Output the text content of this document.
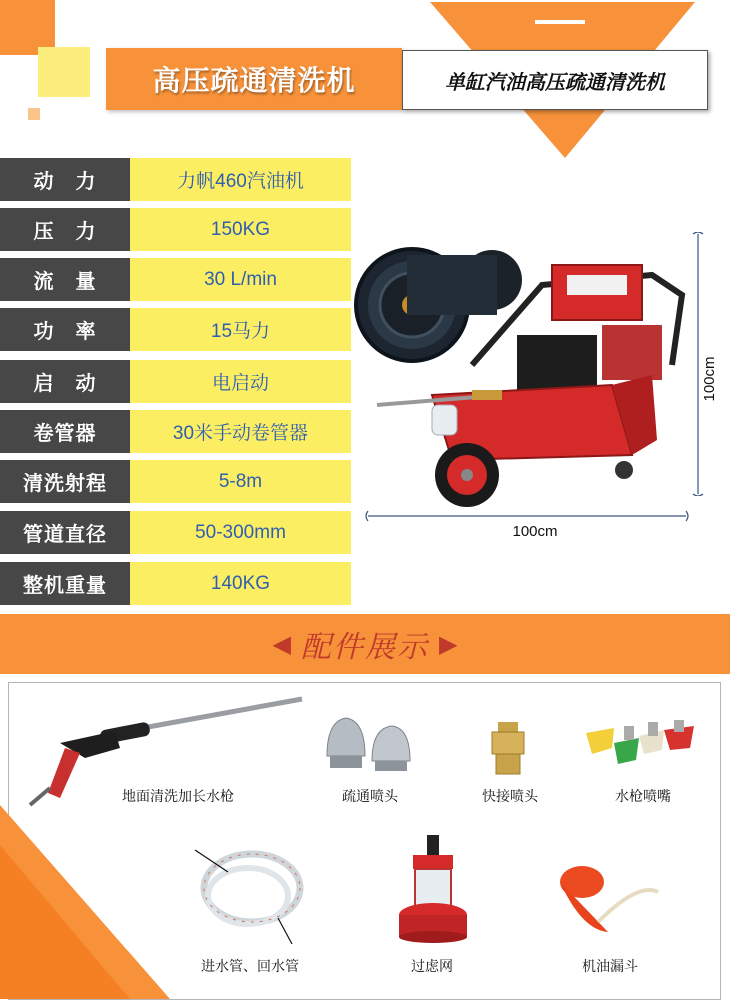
高压疏通清洗机	单缸汽油高压疏通清洗机
动　力	力帆460汽油机
压　力	150KG
流　量	30 L/min
功　率	15马力
启　动	电启动
卷管器	30米手动卷管器
清洗射程	5-8m
管道直径	50-300mm
整机重量	140KG
100cm
100cm
◀ 配件展示 ▶
地面清洗加长水枪	疏通喷头	快接喷头	水枪喷嘴
进水管、回水管	过虑网	机油漏斗
